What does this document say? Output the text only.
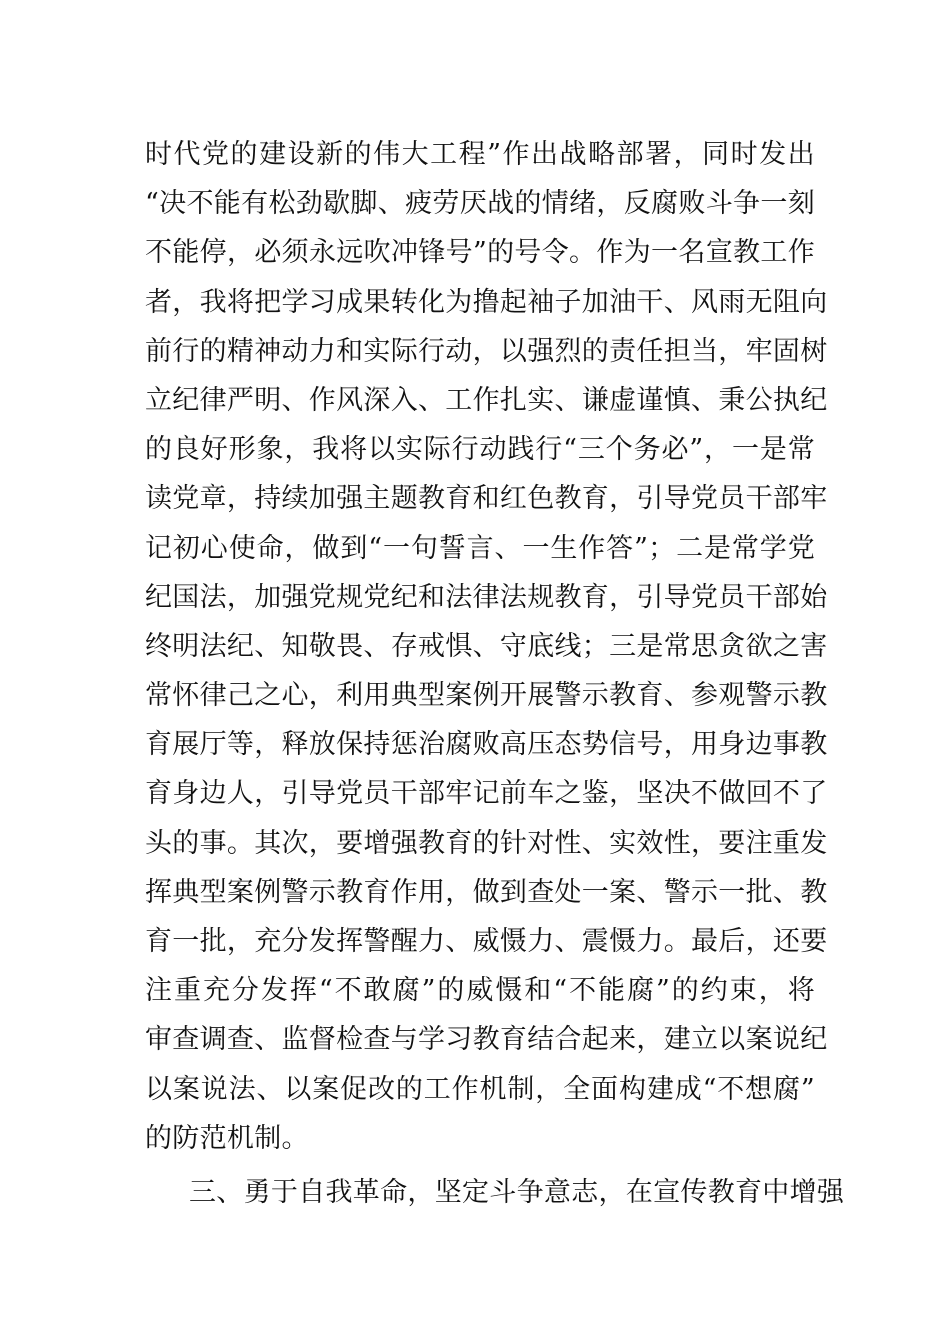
时代党的建设新的伟大工程”作出战略部署，同时发出
“决不能有松劲歇脚、疲劳厌战的情绪，反腐败斗争一刻
不能停，必须永远吹冲锋号”的号令。作为一名宣教工作
者，我将把学习成果转化为撸起袖子加油干、风雨无阻向
前行的精神动力和实际行动，以强烈的责任担当，牢固树
立纪律严明、作风深入、工作扎实、谦虚谨慎、秉公执纪
的良好形象，我将以实际行动践行“三个务必”，一是常
读党章，持续加强主题教育和红色教育，引导党员干部牢
记初心使命，做到“一句誓言、一生作答”；二是常学党
纪国法，加强党规党纪和法律法规教育，引导党员干部始
终明法纪、知敬畏、存戒惧、守底线；三是常思贪欲之害
常怀律己之心，利用典型案例开展警示教育、参观警示教
育展厅等，释放保持惩治腐败高压态势信号，用身边事教
育身边人，引导党员干部牢记前车之鉴，坚决不做回不了
头的事。其次，要增强教育的针对性、实效性，要注重发
挥典型案例警示教育作用，做到查处一案、警示一批、教
育一批，充分发挥警醒力、威慑力、震慑力。最后，还要
注重充分发挥“不敢腐”的威慑和“不能腐”的约束，将
审查调查、监督检查与学习教育结合起来，建立以案说纪
以案说法、以案促改的工作机制，全面构建成“不想腐”
的防范机制。
三、勇于自我革命，坚定斗争意志，在宣传教育中增强
